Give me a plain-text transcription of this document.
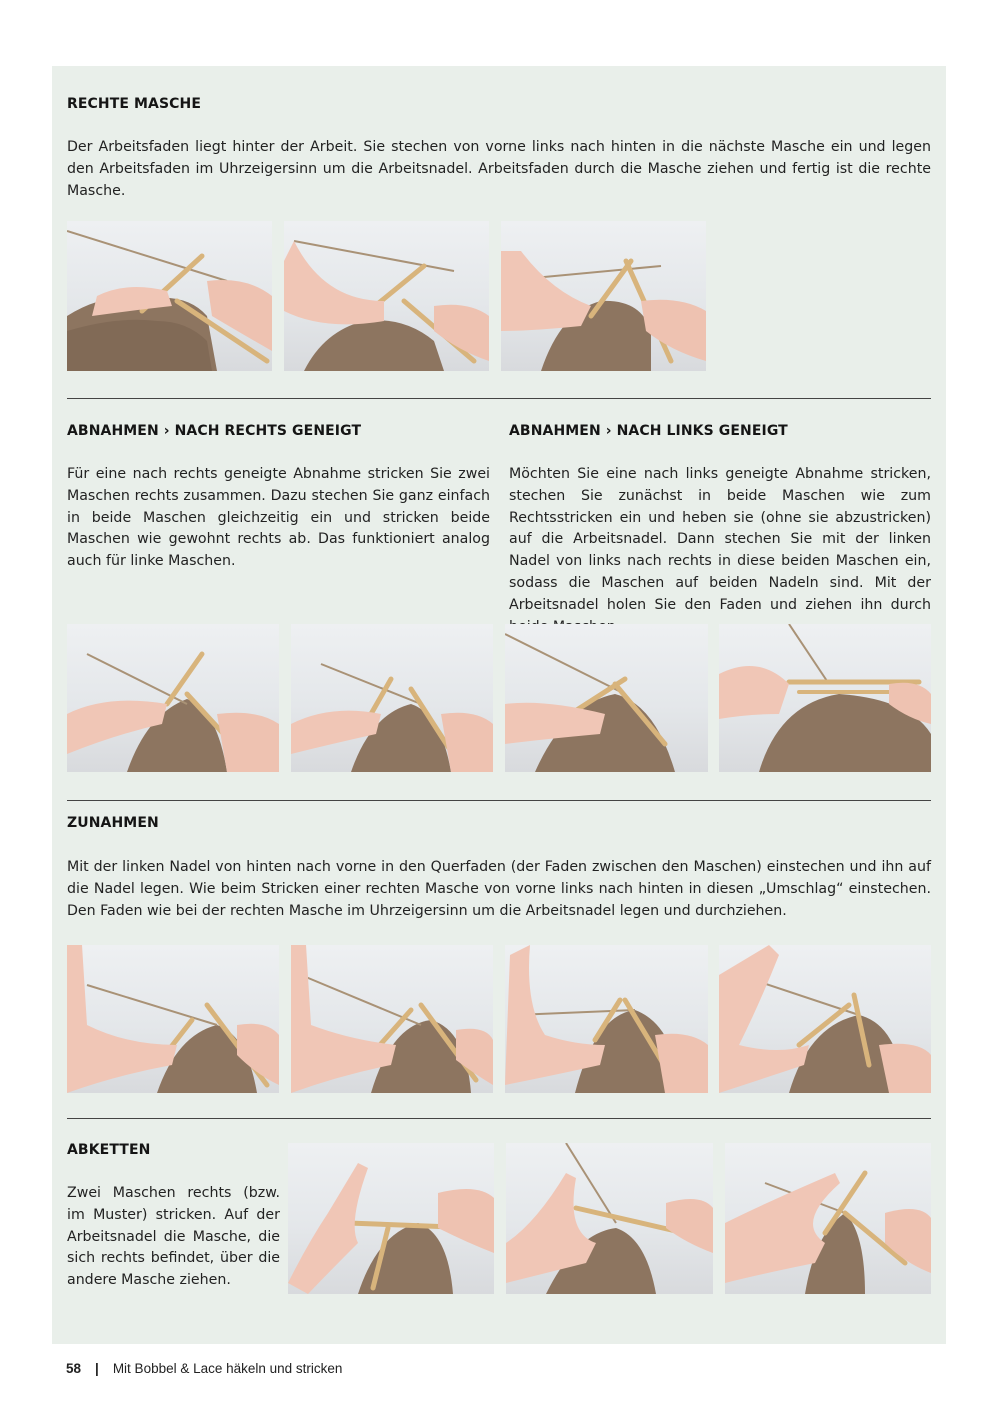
RECHTE MASCHE

Der Arbeitsfaden liegt hinter der Arbeit. Sie stechen von vorne links nach hinten in die nächste Masche ein und legen den Arbeitsfaden im Uhrzeigersinn um die Arbeitsnadel. Arbeitsfaden durch die Masche ziehen und fertig ist die rechte Masche.

ABNAHMEN › NACH RECHTS GENEIGT

Für eine nach rechts geneigte Abnahme stricken Sie zwei Maschen rechts zusammen. Dazu stechen Sie ganz einfach in beide Maschen gleichzeitig ein und stricken beide Maschen wie gewohnt rechts ab. Das funktioniert analog auch für linke Maschen.

ABNAHMEN › NACH LINKS GENEIGT

Möchten Sie eine nach links geneigte Abnahme stricken, stechen Sie zunächst in beide Maschen wie zum Rechtsstricken ein und heben sie (ohne sie abzustricken) auf die Arbeitsnadel. Dann stechen Sie mit der linken Nadel von links nach rechts in diese beiden Maschen ein, sodass die Maschen auf beiden Nadeln sind. Mit der Arbeitsnadel holen Sie den Faden und ziehen ihn durch

ZUNAHMEN

Mit der linken Nadel von hinten nach vorne in den Querfaden (der Faden zwischen den Maschen) einstechen und ihn auf die Nadel legen. Wie beim Stricken einer rechten Masche von vorne links nach hinten in diesen „Umschlag“ einstechen. Den Faden wie bei der rechten Masche im Uhrzeigersinn um die Arbeitsnadel legen und durchziehen.

ABKETTEN

Zwei Maschen rechts (bzw. im Muster) stricken. Auf der Arbeitsnadel die Masche, die sich rechts befindet, über die andere Masche ziehen.

58 | Mit Bobbel & Lace häkeln und stricken
